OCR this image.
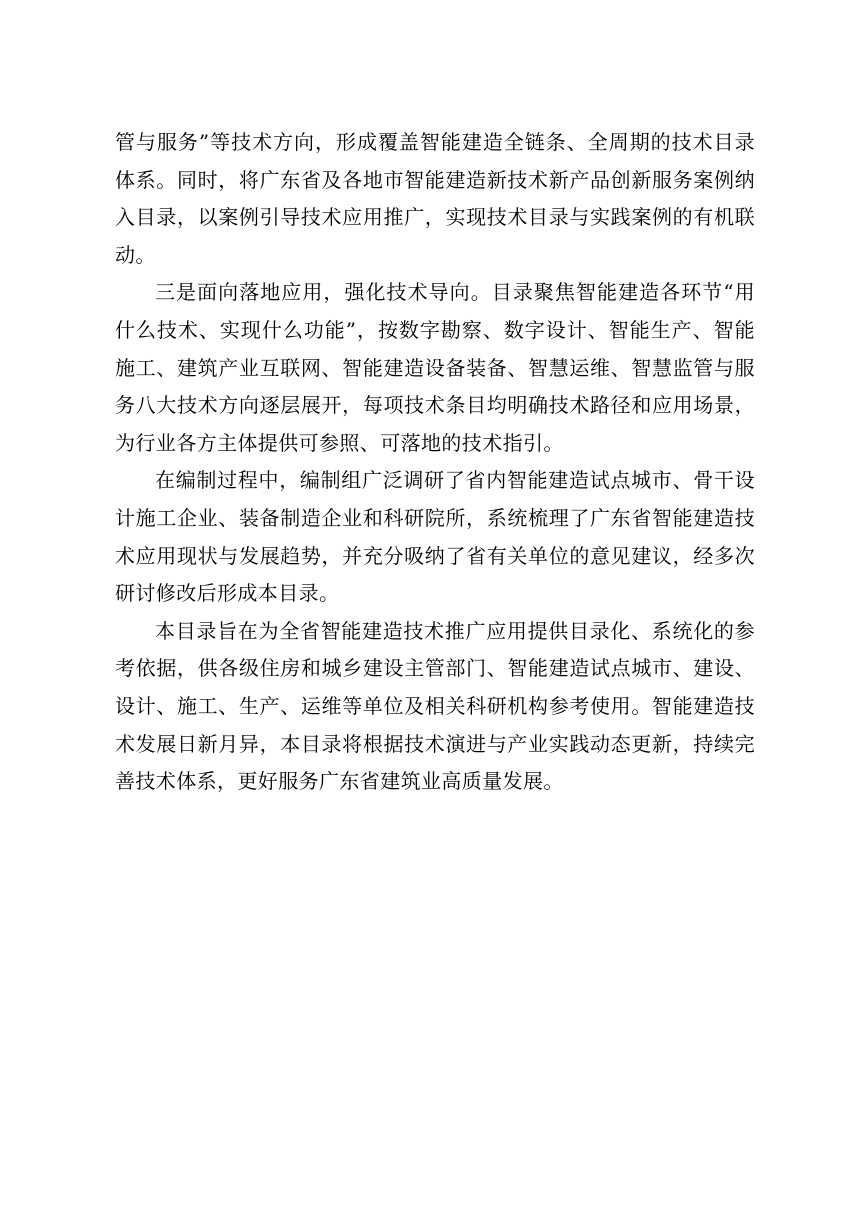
管与服务”等技术方向，形成覆盖智能建造全链条、全周期的技术目录体系。同时，将广东省及各地市智能建造新技术新产品创新服务案例纳入目录，以案例引导技术应用推广，实现技术目录与实践案例的有机联动。

三是面向落地应用，强化技术导向。目录聚焦智能建造各环节“用什么技术、实现什么功能”，按数字勘察、数字设计、智能生产、智能施工、建筑产业互联网、智能建造设备装备、智慧运维、智慧监管与服务八大技术方向逐层展开，每项技术条目均明确技术路径和应用场景，为行业各方主体提供可参照、可落地的技术指引。

在编制过程中，编制组广泛调研了省内智能建造试点城市、骨干设计施工企业、装备制造企业和科研院所，系统梳理了广东省智能建造技术应用现状与发展趋势，并充分吸纳了省有关单位的意见建议，经多次研讨修改后形成本目录。

本目录旨在为全省智能建造技术推广应用提供目录化、系统化的参考依据，供各级住房和城乡建设主管部门、智能建造试点城市、建设、设计、施工、生产、运维等单位及相关科研机构参考使用。智能建造技术发展日新月异，本目录将根据技术演进与产业实践动态更新，持续完善技术体系，更好服务广东省建筑业高质量发展。
